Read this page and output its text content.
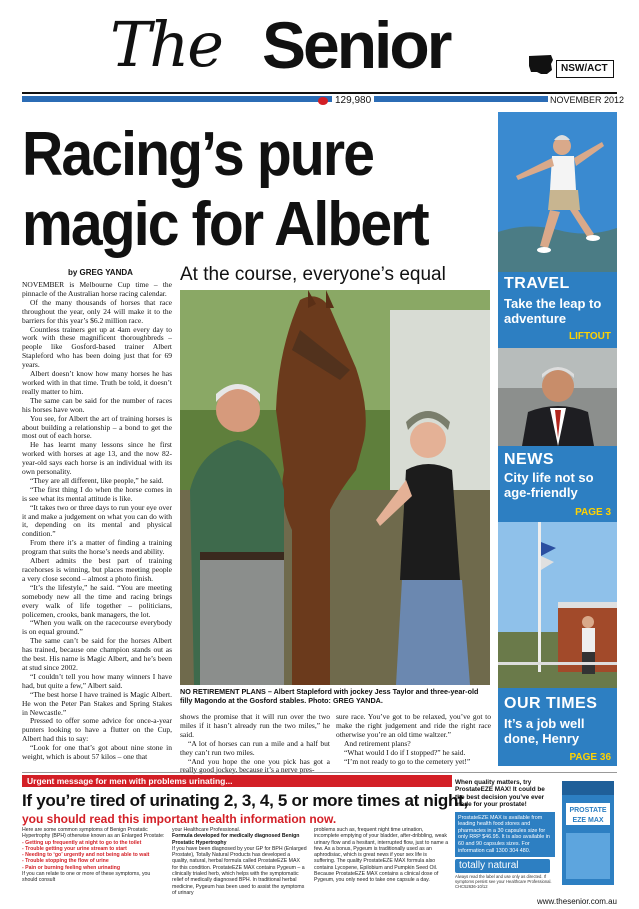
The Senior	NSW/ACT
129,980	NOVEMBER 2012
Racing’s pure
magic for Albert
TRAVEL
Take the leap to adventure
LIFTOUT
NEWS
City life not so age-friendly
PAGE 3
OUR TIMES
It’s a job well done, Henry
PAGE 36
by GREG YANDA At the course, everyone’s equal

NOVEMBER is Melbourne Cup time – the pinnacle of the Australian horse racing calendar.

Of the many thousands of horses that race throughout the year, only 24 will make it to the barriers for this year’s $6.2 million race.

Countless trainers get up at 4am every day to work with these magnificent thoroughbreds – people like Gosford-based trainer Albert Stapleford who has been doing just that for 69 years.

Albert doesn’t know how many horses he has worked with in that time. Truth be told, it doesn’t really matter to him.

The same can be said for the number of races his horses have won.

You see, for Albert the art of training horses is about building a relationship – a bond to get the most out of each horse.

He has learnt many lessons since he first worked with horses at age 13, and the now 82-year-old says each horse is an individual with its own personality.

“They are all different, like people,” he said.

“The first thing I do when the horse comes in is see what its mental attitude is like.

“It takes two or three days to run your eye over it and make a judgement on what you can do with it, depending on its mental and physical condition.”

From there it’s a matter of finding a training program that suits the horse’s needs and ability.

Albert admits the best part of training racehorses is winning, but places meeting people a very close second – almost a photo finish.

“It’s the lifestyle,” he said. “You are meeting somebody new all the time and racing brings every walk of life together – politicians, policemen, crooks, bank managers, the lot.

“When you walk on the racecourse everybody is on equal ground.”

The same can’t be said for the horses Albert has trained, because one champion stands out as the best. His name is Magic Albert, and he’s been at stud since 2002.

“I couldn’t tell you how many winners I have had, but quite a few,” Albert said.

“The best horse I have trained is Magic Albert. He won the Peter Pan Stakes and Spring Stakes in Newcastle.”

Pressed to offer some advice for once-a-year punters looking to have a flutter on the Cup, Albert had this to say:

“Look for one that’s got about nine stone in weight, which is about 57 kilos – one that

NO RETIREMENT PLANS – Albert Stapleford with jockey Jess Taylor and three-year-old filly Magondo at the Gosford stables. Photo: GREG YANDA.

shows the promise that it will run over the two miles if it hasn’t already run the two miles,” he said.

“A lot of horses can run a mile and a half but they can’t run two miles.

“And you hope the one you pick has got a really good jockey, because it’s a nerve pres-

sure race. You’ve got to be relaxed, you’ve got to make the right judgement and ride the right race otherwise you’re an old time waltzer.”

And retirement plans?

“What would I do if I stopped?” he said.

“I’m not ready to go to the cemetery yet!”

Urgent message for men with problems urinating...
If you’re tired of urinating 2, 3, 4, 5 or more times at night,
you should read this important health information now.
Here are some common symptoms of Benign Prostatic Hypertrophy (BPH) otherwise known as an Enlarged Prostate:
- Getting up frequently at night to go to the toilet
- Trouble getting your urine stream to start
- Needing to ‘go’ urgently and not being able to wait
- Trouble stopping the flow of urine
- Pain or burning feeling when urinating
If you can relate to one or more of these symptoms, you should consult
your Healthcare Professional.
Formula developed for medically diagnosed Benign Prostatic Hypertrophy
If you have been diagnosed by your GP for BPH (Enlarged Prostate), Totally Natural Products has developed a quality, natural, herbal formula called ProstateEZE MAX for this condition. ProstateEZE MAX contains Pygeum – a clinically trialed herb, which helps with the symptomatic relief of medically diagnosed BPH. In traditional herbal medicine, Pygeum has been used to assist the symptoms of urinary
problems such as, frequent night time urination, incomplete emptying of your bladder, after-dribbling, weak urinary flow and a hesitant, interrupted flow, just to name a few. As a bonus, Pygeum is traditionally used as an aphrodisiac, which is great news if your sex life is suffering. The quality ProstateEZE MAX formula also contains Lycopene, Epilobium and Pumpkin Seed Oil. Because ProstateEZE MAX contains a clinical dose of Pygeum, you only need to take one capsule a day.
When quality matters, try ProstateEZE MAX! It could be the best decision you’ve ever made for your prostate!
ProstateEZE MAX is available from leading health food stores and pharmacies in a 30 capsules size for only RRP $46.95. It is also available in 60 and 90 capsules sizes. For information call 1300 304 480.
totally natural
Always read the label and use only as directed. If symptoms persist see your Healthcare Professional. CHC52636-10/12
PROSTATE
EZE MAX
www.thesenior.com.au
